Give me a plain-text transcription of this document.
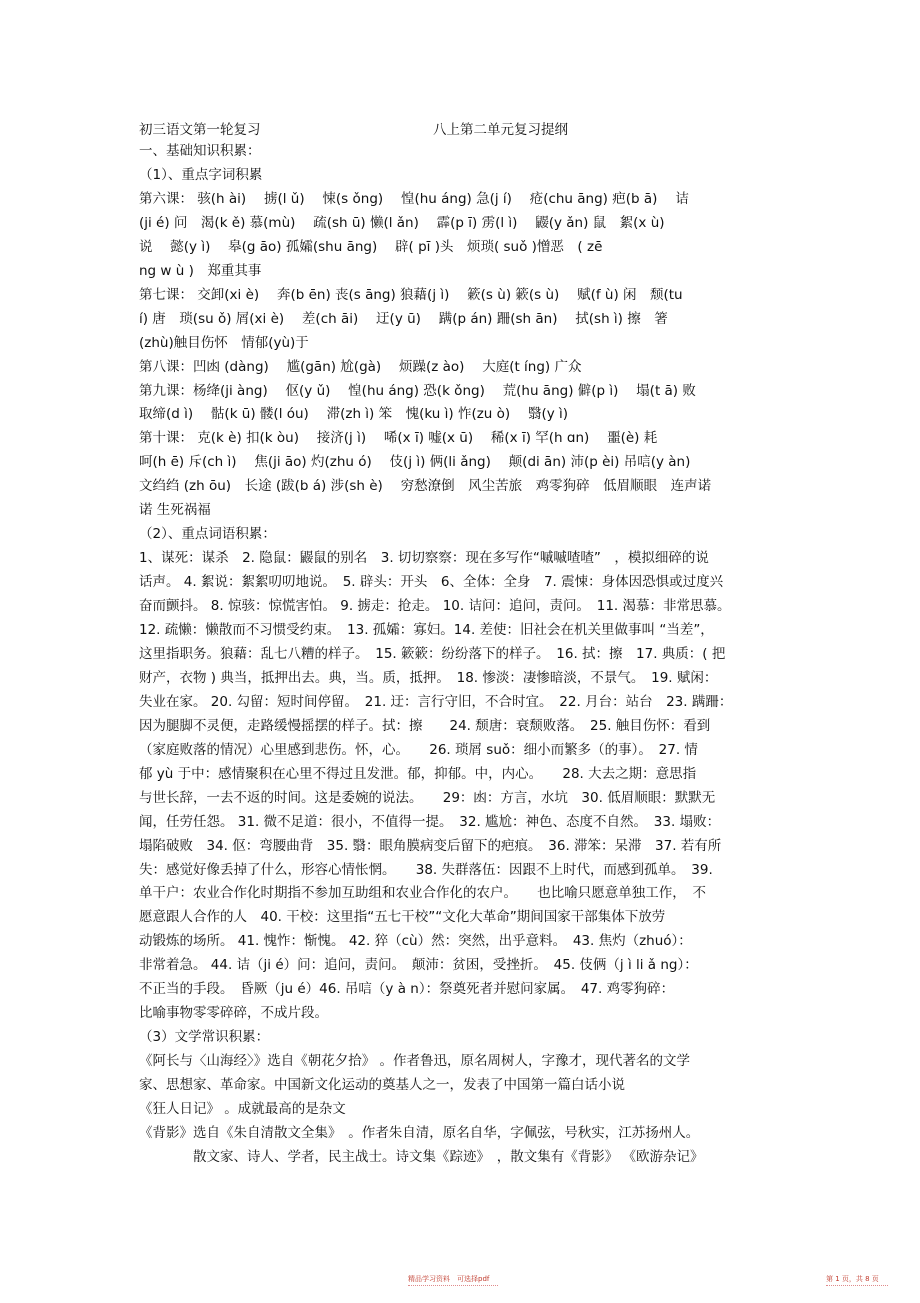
初三语文第一轮复习	八上第二单元复习提纲
一、基础知识积累：
（1）、重点字词积累
第六课： 骇(h ài)　 掳(l ǔ)　 悚(s ǒng)　 惶(hu áng) 急(j í)　 疮(chu āng) 疤(b ā)　 诘
(ji é) 问　渴(k ě) 慕(mù)　 疏(sh ū) 懒(l ǎn)　 霹(p ī) 雳(l ì)　 鼹(y ǎn) 鼠　絮(x ù)
说　 懿(y ì)　 皋(g āo) 孤孀(shu āng)　 辟( pī )头　烦琐( suǒ )憎恶　( zē
ng w ù )　郑重其事
第七课： 交卸(xi è)　 奔(b ēn) 丧(s āng) 狼藉(j ì)　 簌(s ù) 簌(s ù)　 赋(f ù) 闲　颓(tu
í) 唐　琐(su ǒ) 屑(xi è)　 差(ch āi)　 迂(y ū)　 蹒(p án) 跚(sh ān)　 拭(sh ì) 擦　箸
(zhù)触目伤怀　情郁(yù)于
第八课：凹凼 (dàng)　 尴(gān) 尬(gà)　 烦躁(z ào)　 大庭(t íng) 广众
第九课：杨绛(ji àng)　 伛(y ǔ)　 惶(hu áng) 恐(k ǒng)　 荒(hu āng) 僻(p ì)　 塌(t ā) 败
取缔(d ì)　 骷(k ū) 髅(l óu)　 滞(zh ì) 笨　愧(ku ì) 怍(zu ò)　 翳(y ì)
第十课： 克(k è) 扣(k òu)　 接济(j ì)　 唏(x ī) 嘘(x ū)　 稀(x ī) 罕(h ɑn)　 噩(è) 耗
呵(h ē) 斥(ch ì)　 焦(ji āo) 灼(zhu ó)　 伎(j ì) 俩(li ǎng)　 颠(di ān) 沛(p èi) 吊唁(y àn)
文绉绉 (zh ōu)　长途 (跋(b á) 涉(sh è)　 穷愁潦倒　风尘苦旅　鸡零狗碎　低眉顺眼　连声诺
诺 生死祸福
（2）、重点词语积累：
1、谋死：谋杀　2. 隐鼠：鼹鼠的别名　3. 切切察察：现在多写作“嘁嘁喳喳”　，模拟细碎的说
话声。 4. 絮说：絮絮叨叨地说。　5. 辟头：开头　6、全体：全身　7. 震悚：身体因恐惧或过度兴
奋而颤抖。 8. 惊骇：惊慌害怕。 9. 掳走：抢走。 10. 诘问：追问，责问。　11. 渴慕：非常思慕。
12. 疏懒：懒散而不习惯受约束。　13. 孤孀：寡妇。14. 差使：旧社会在机关里做事叫 “当差”，
这里指职务。狼藉：乱七八糟的样子。　15. 簌簌：纷纷落下的样子。　16. 拭：擦　17. 典质：( 把
财产，衣物 ) 典当，抵押出去。典，当。质，抵押。　18. 惨淡：凄惨暗淡，不景气。　19. 赋闲：
失业在家。 20. 勾留：短时间停留。　21. 迂：言行守旧，不合时宜。　22. 月台：站台　23. 蹒跚：
因为腿脚不灵便，走路缓慢摇摆的样子。拭：擦　　24. 颓唐：衰颓败落。　25. 触目伤怀：看到
（家庭败落的情况）心里感到悲伤。怀，心。　　26. 琐屑 suǒ：细小而繁多（的事）。　27. 情
郁 yù 于中：感情聚积在心里不得过且发泄。郁，抑郁。中，内心。　　28. 大去之期：意思指
与世长辞，一去不返的时间。这是委婉的说法。　　29：凼：方言，水坑　30. 低眉顺眼：默默无
闻，任劳任怨。 31. 微不足道：很小，不值得一提。　32. 尴尬：神色、态度不自然。　33. 塌败：
塌陷破败　34. 伛：弯腰曲背　35. 翳：眼角膜病变后留下的疤痕。　36. 滞笨：呆滞　37. 若有所
失：感觉好像丢掉了什么，形容心情怅惘。　　38. 失群落伍：因跟不上时代，而感到孤单。　39.
单干户：农业合作化时期指不参加互助组和农业合作化的农户。　　也比喻只愿意单独工作，　不
愿意跟人合作的人　40. 干校：这里指“五七干校”“文化大革命”期间国家干部集体下放劳
动锻炼的场所。 41. 愧怍：惭愧。 42. 猝（cù）然：突然，出乎意料。　43. 焦灼（zhuó）：
非常着急。 44. 诘（ji é）问：追问，责问。　颠沛：贫困，受挫折。　45. 伎俩（j ì li ǎ ng）：
不正当的手段。　昏厥（ju é）46. 吊唁（y à n）：祭奠死者并慰问家属。　47. 鸡零狗碎：
比喻事物零零碎碎，不成片段。
（3）文学常识积累：
《阿长与〈山海经〉》选自《朝花夕拾》 。作者鲁迅，原名周树人，字豫才，现代著名的文学
家、思想家、革命家。中国新文化运动的奠基人之一，发表了中国第一篇白话小说
《狂人日记》 。成就最高的是杂文
《背影》选自《朱自清散文全集》　。作者朱自清，原名自华，字佩弦，号秋实，江苏扬州人。
散文家、诗人、学者，民主战士。诗文集《踪迹》　，散文集有《背影》 《欧游杂记》
精品学习资料　可选择pdf	第 1 页，共 8 页
